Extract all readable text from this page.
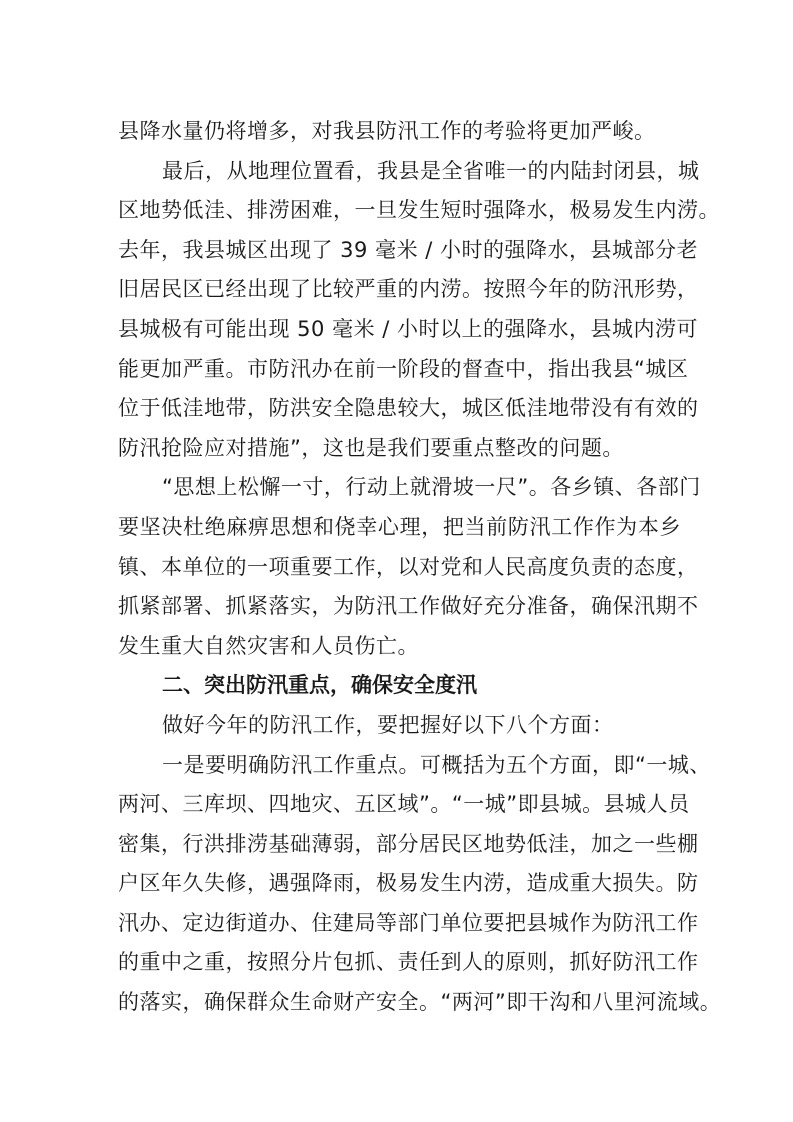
县降水量仍将增多，对我县防汛工作的考验将更加严峻。
最后，从地理位置看，我县是全省唯一的内陆封闭县，城
区地势低洼、排涝困难，一旦发生短时强降水，极易发生内涝。
去年，我县城区出现了 39 毫米 / 小时的强降水，县城部分老
旧居民区已经出现了比较严重的内涝。按照今年的防汛形势，
县城极有可能出现 50 毫米 / 小时以上的强降水，县城内涝可
能更加严重。市防汛办在前一阶段的督查中，指出我县“城区
位于低洼地带，防洪安全隐患较大，城区低洼地带没有有效的
防汛抢险应对措施”，这也是我们要重点整改的问题。
“思想上松懈一寸，行动上就滑坡一尺”。各乡镇、各部门
要坚决杜绝麻痹思想和侥幸心理，把当前防汛工作作为本乡
镇、本单位的一项重要工作，以对党和人民高度负责的态度，
抓紧部署、抓紧落实，为防汛工作做好充分准备，确保汛期不
发生重大自然灾害和人员伤亡。
二、突出防汛重点，确保安全度汛
做好今年的防汛工作，要把握好以下八个方面：
一是要明确防汛工作重点。可概括为五个方面，即“一城、
两河、三库坝、四地灾、五区域”。“一城”即县城。县城人员
密集，行洪排涝基础薄弱，部分居民区地势低洼，加之一些棚
户区年久失修，遇强降雨，极易发生内涝，造成重大损失。防
汛办、定边街道办、住建局等部门单位要把县城作为防汛工作
的重中之重，按照分片包抓、责任到人的原则，抓好防汛工作
的落实，确保群众生命财产安全。“两河”即干沟和八里河流域。
